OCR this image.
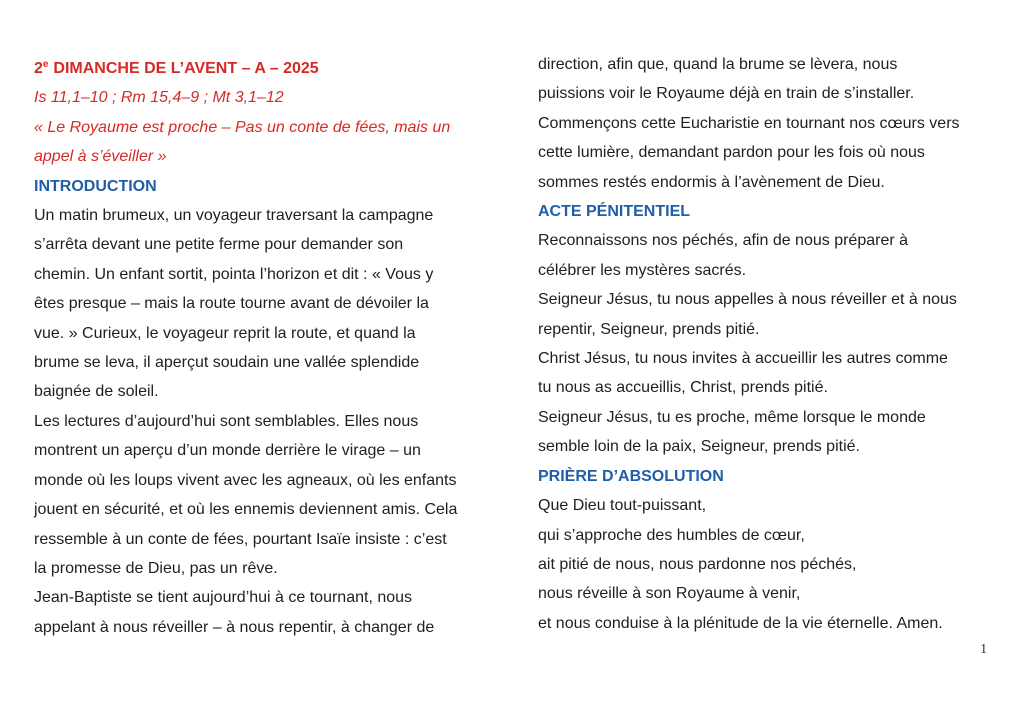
2e DIMANCHE DE L’AVENT – A – 2025
Is 11,1–10 ; Rm 15,4–9 ; Mt 3,1–12
« Le Royaume est proche – Pas un conte de fées, mais un
appel à s’éveiller »
INTRODUCTION
Un matin brumeux, un voyageur traversant la campagne
s’arrêta devant une petite ferme pour demander son
chemin. Un enfant sortit, pointa l’horizon et dit : « Vous y
êtes presque – mais la route tourne avant de dévoiler la
vue. » Curieux, le voyageur reprit la route, et quand la
brume se leva, il aperçut soudain une vallée splendide
baignée de soleil.
Les lectures d’aujourd’hui sont semblables. Elles nous
montrent un aperçu d’un monde derrière le virage – un
monde où les loups vivent avec les agneaux, où les enfants
jouent en sécurité, et où les ennemis deviennent amis. Cela
ressemble à un conte de fées, pourtant Isaïe insiste : c’est
la promesse de Dieu, pas un rêve.
Jean-Baptiste se tient aujourd’hui à ce tournant, nous
appelant à nous réveiller – à nous repentir, à changer de
direction, afin que, quand la brume se lèvera, nous
puissions voir le Royaume déjà en train de s’installer.
Commençons cette Eucharistie en tournant nos cœurs vers
cette lumière, demandant pardon pour les fois où nous
sommes restés endormis à l’avènement de Dieu.
ACTE PÉNITENTIEL
Reconnaissons nos péchés, afin de nous préparer à
célébrer les mystères sacrés.
Seigneur Jésus, tu nous appelles à nous réveiller et à nous
repentir, Seigneur, prends pitié.
Christ Jésus, tu nous invites à accueillir les autres comme
tu nous as accueillis, Christ, prends pitié.
Seigneur Jésus, tu es proche, même lorsque le monde
semble loin de la paix, Seigneur, prends pitié.
PRIÈRE D’ABSOLUTION
Que Dieu tout-puissant,
qui s’approche des humbles de cœur,
ait pitié de nous, nous pardonne nos péchés,
nous réveille à son Royaume à venir,
et nous conduise à la plénitude de la vie éternelle. Amen.
1
